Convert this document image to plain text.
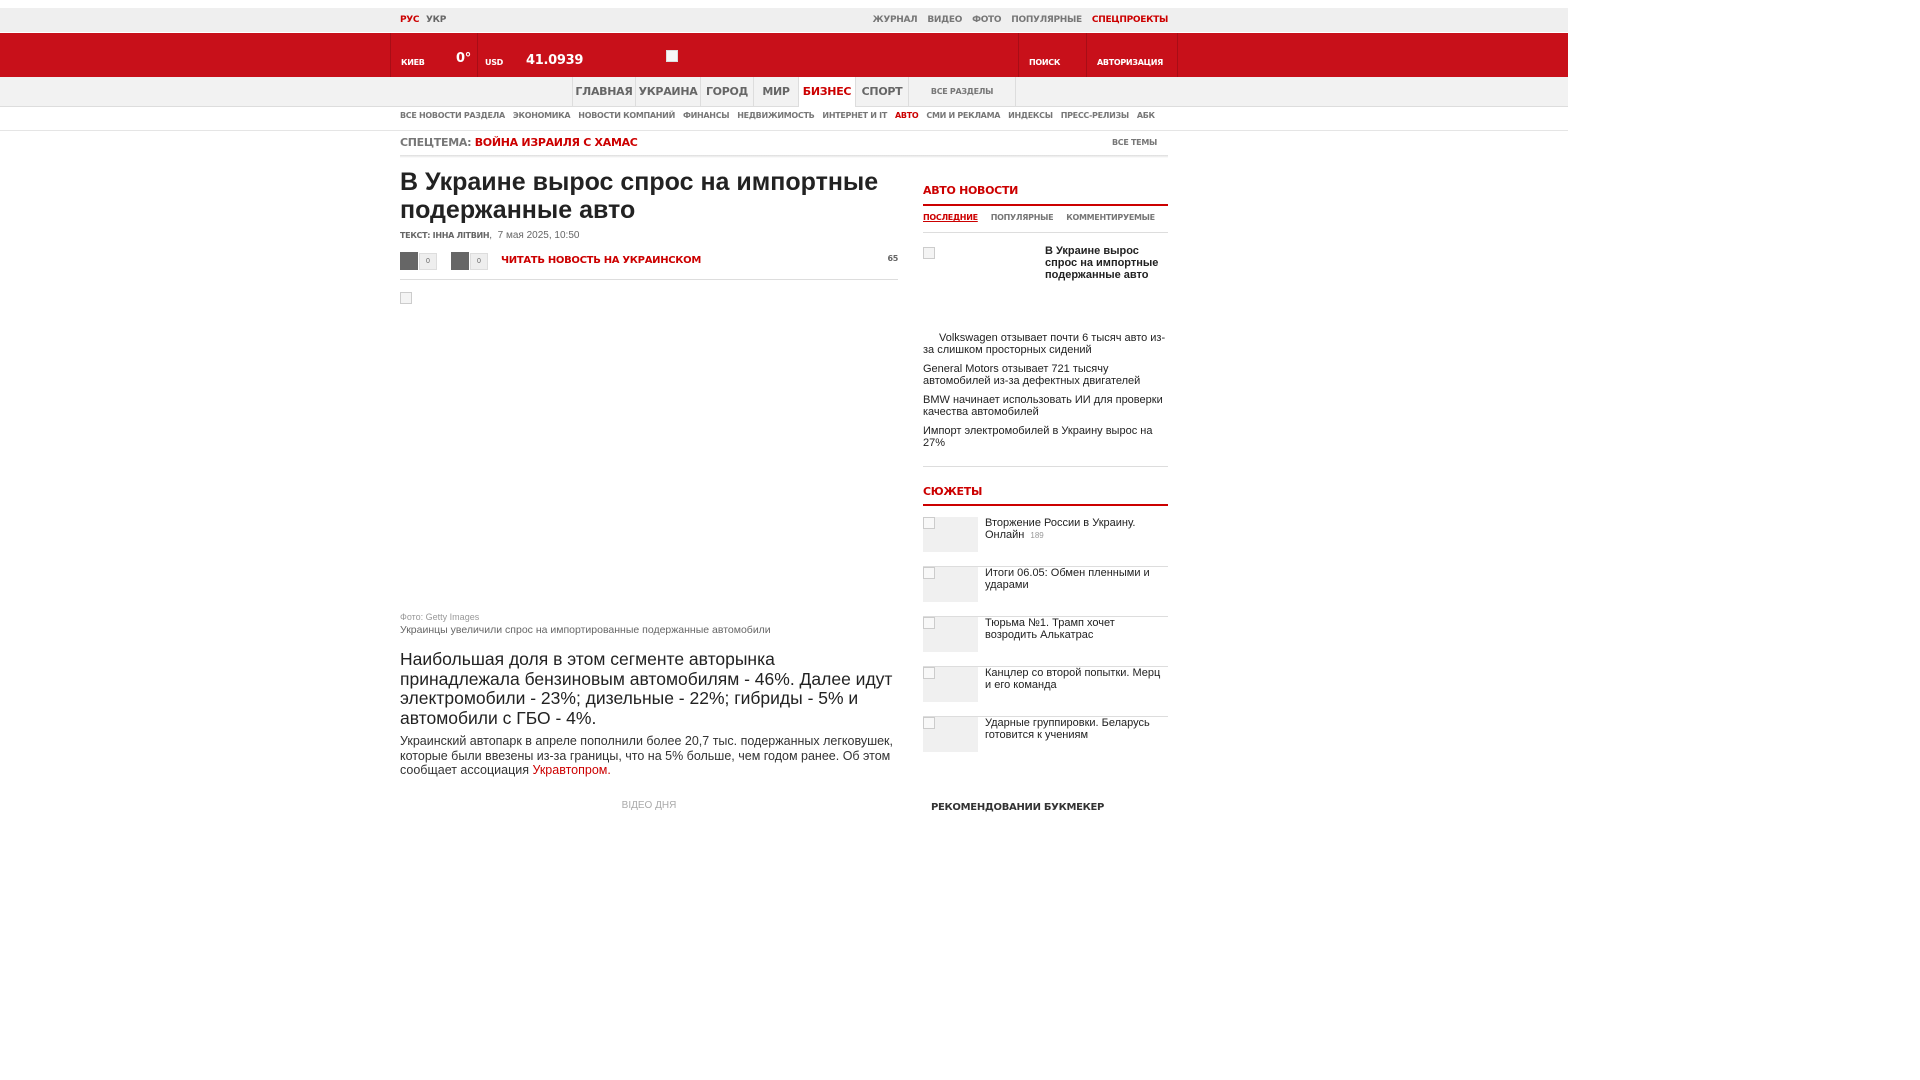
РУС УКР	ЖУРНАЛ ВИДЕО ФОТО ПОПУЛЯРНЫЕ СПЕЦПРОЕКТЫ
КИЕВ 0° USD 41.0939	ПОИСК	АВТОРИЗАЦИЯ
ГЛАВНАЯ УКРАИНА ГОРОД	МИР	БИЗНЕС СПОРТ	ВСЕ РАЗДЕЛЫ
ВСЕ НОВОСТИ РАЗДЕЛА ЭКОНОМИКА НОВОСТИ КОМПАНИЙ ФИНАНСЫ НЕДВИЖИМОСТЬ ИНТЕРНЕТ И IT АВТО СМИ И РЕКЛАМА ИНДЕКСЫ ПРЕСС-РЕЛИЗЫ АБК
СПЕЦТЕМА: ВОЙНА ИЗРАИЛЯ С ХАМАС	ВСЕ ТЕМЫ
В Украине вырос спрос на импортные подержанные авто
ТЕКСТ: ІННА ЛІТВИН,  7 мая 2025, 10:50
0	0	ЧИТАТЬ НОВОСТЬ НА УКРАИНСКОМ	65
Фото: Getty Images
Украинцы увеличили спрос на импортированные подержанные автомобили

Наибольшая доля в этом сегменте авторынка принадлежала бензиновым автомобилям - 46%. Далее идут электромобили - 23%; дизельные - 22%; гибриды - 5% и автомобили с ГБО - 4%.

Украинский автопарк в апреле пополнили более 20,7 тыс. подержанных легковушек, которые были ввезены из-за границы, что на 5% больше, чем годом ранее. Об этом сообщает ассоциация Укравтопром.

ВІДЕО ДНЯ
АВТО НОВОСТИ
ПОСЛЕДНИЕ ПОПУЛЯРНЫЕ КОММЕНТИРУЕМЫЕ
В Украине вырос спрос на импортные подержанные авто
Volkswagen отзывает почти 6 тысяч авто из-за слишком просторных сидений
General Motors отзывает 721 тысячу автомобилей из-за дефектных двигателей
BMW начинает использовать ИИ для проверки качества автомобилей
Импорт электромобилей в Украину вырос на 27%
СЮЖЕТЫ
Вторжение России в Украину. Онлайн 189
Итоги 06.05: Обмен пленными и ударами
Тюрьма №1. Трамп хочет возродить Алькатрас
Канцлер со второй попытки. Мерц и его команда
Ударные группировки. Беларусь готовится к учениям
РЕКОМЕНДОВАНИЙ БУКМЕКЕР
